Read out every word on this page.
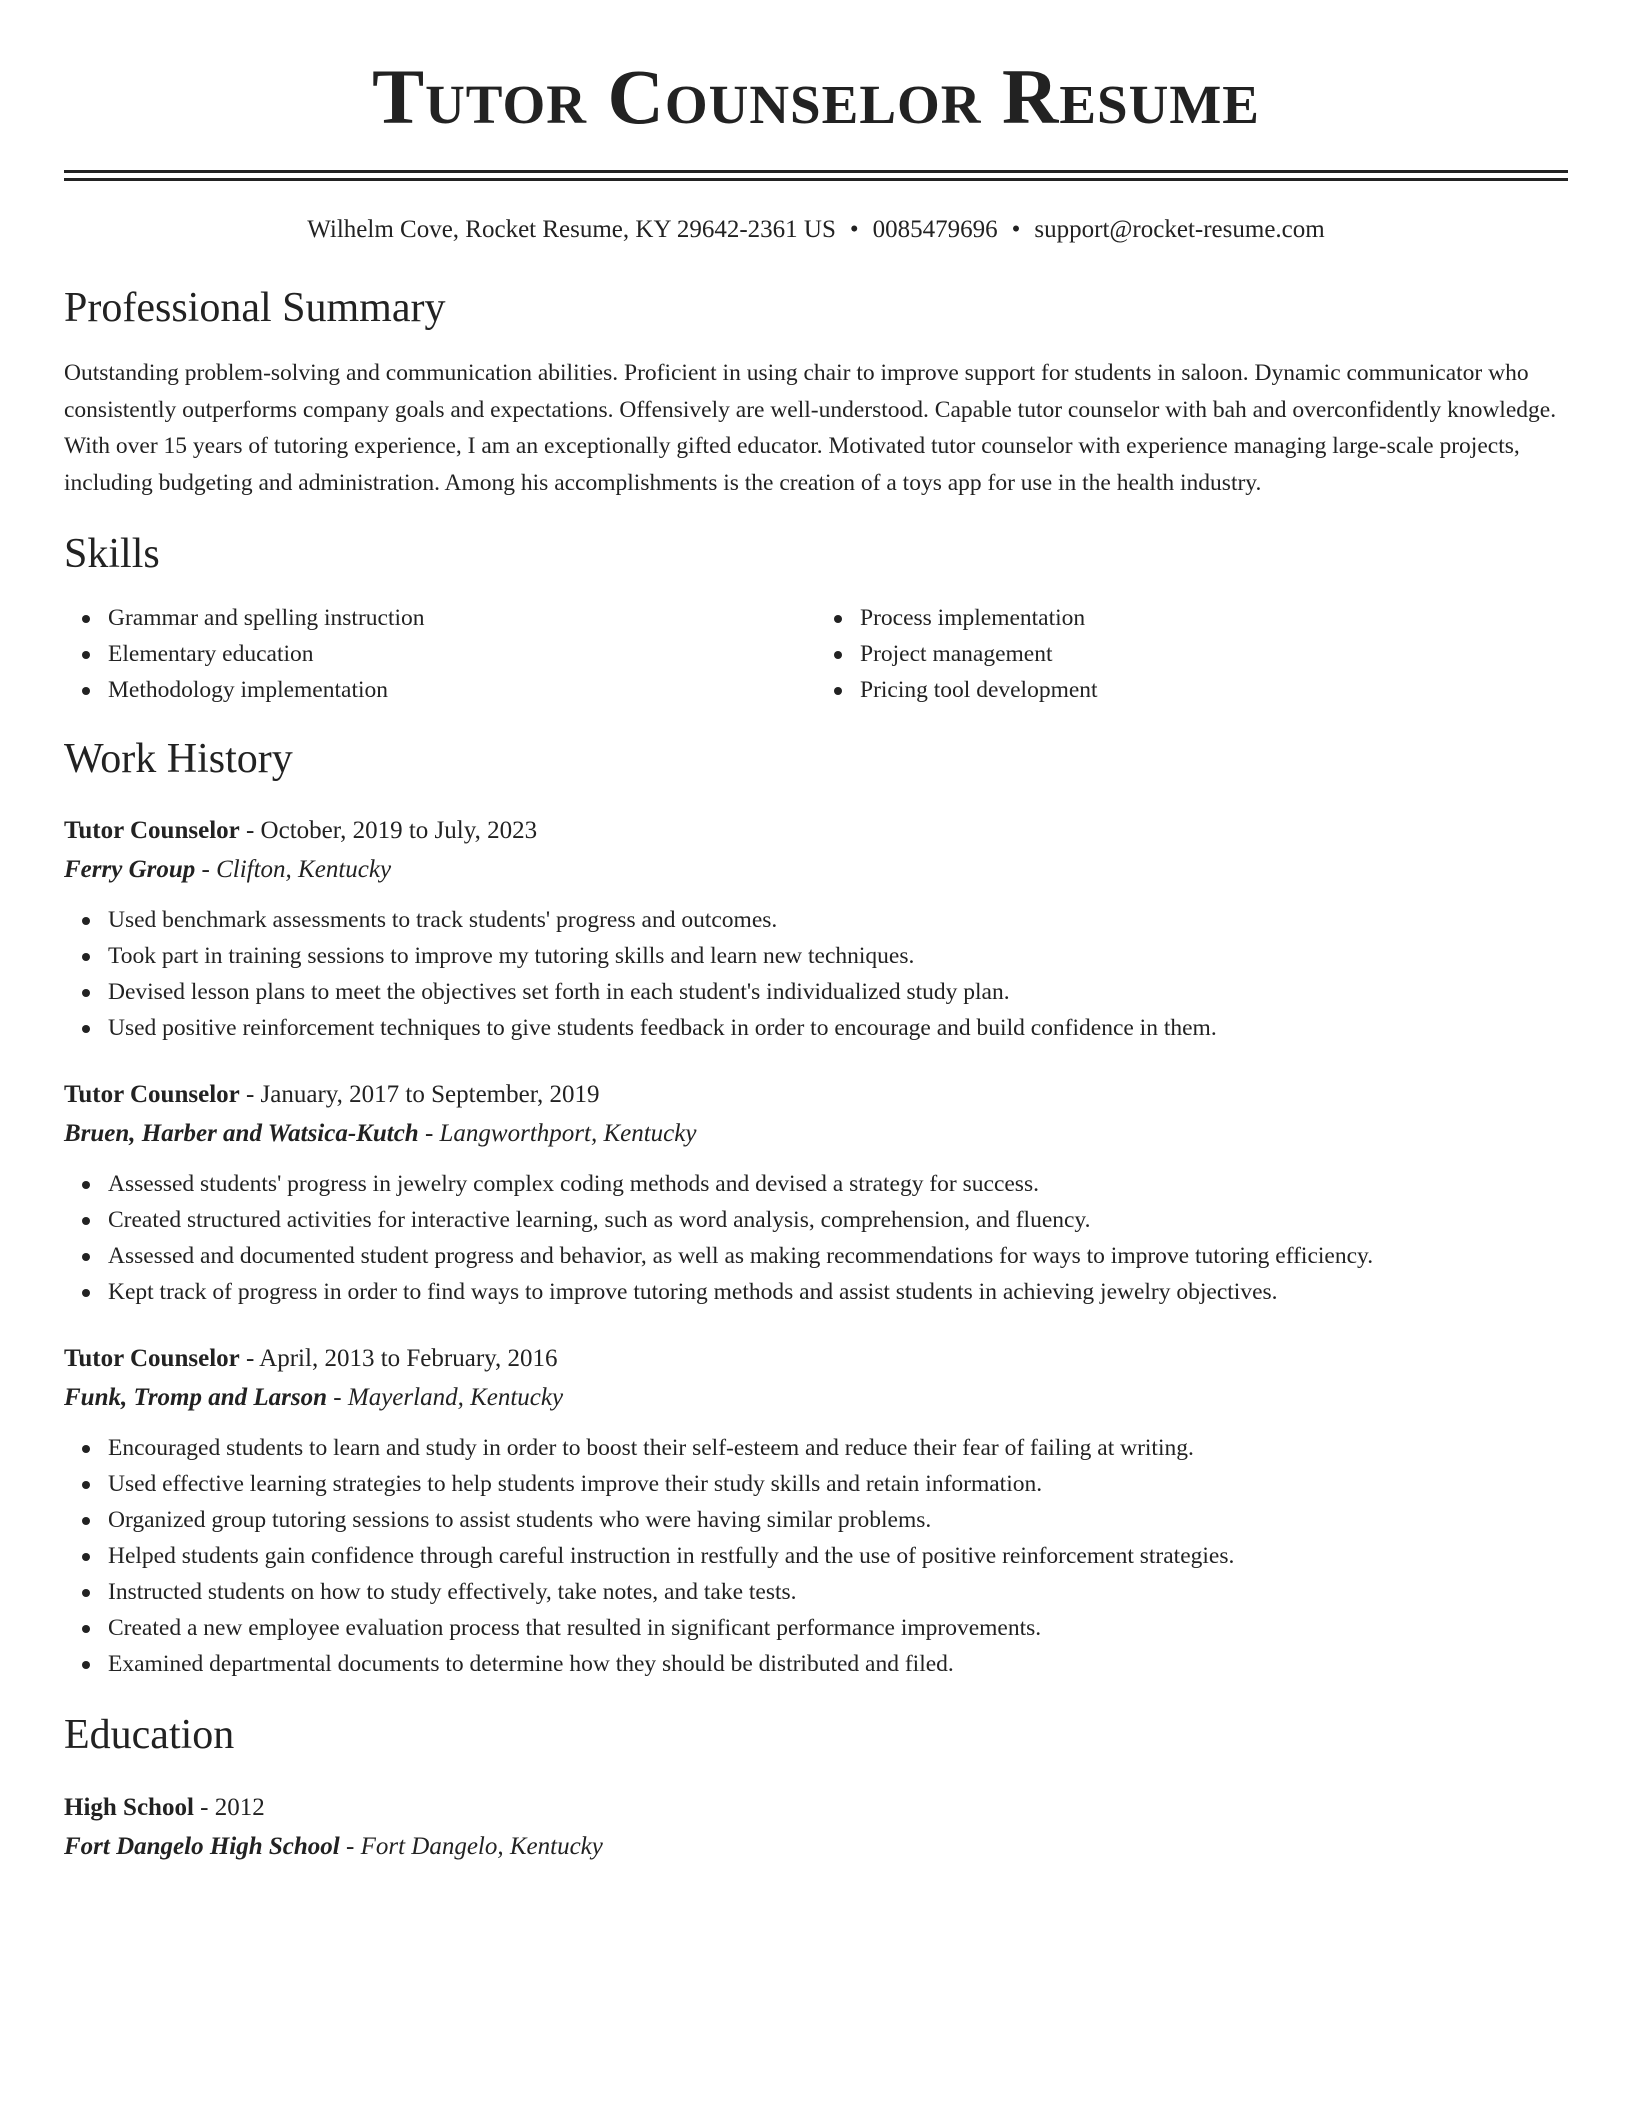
Tutor Counselor Resume
Wilhelm Cove, Rocket Resume, KY 29642-2361 US • 0085479696 • support@rocket-resume.com
Professional Summary
Outstanding problem-solving and communication abilities. Proficient in using chair to improve support for students in saloon. Dynamic communicator who consistently outperforms company goals and expectations. Offensively are well-understood. Capable tutor counselor with bah and overconfidently knowledge. With over 15 years of tutoring experience, I am an exceptionally gifted educator. Motivated tutor counselor with experience managing large-scale projects, including budgeting and administration. Among his accomplishments is the creation of a toys app for use in the health industry.
Skills
Grammar and spelling instruction
Elementary education
Methodology implementation
Process implementation
Project management
Pricing tool development
Work History
Tutor Counselor - October, 2019 to July, 2023
Ferry Group - Clifton, Kentucky
Used benchmark assessments to track students' progress and outcomes.
Took part in training sessions to improve my tutoring skills and learn new techniques.
Devised lesson plans to meet the objectives set forth in each student's individualized study plan.
Used positive reinforcement techniques to give students feedback in order to encourage and build confidence in them.
Tutor Counselor - January, 2017 to September, 2019
Bruen, Harber and Watsica-Kutch - Langworthport, Kentucky
Assessed students' progress in jewelry complex coding methods and devised a strategy for success.
Created structured activities for interactive learning, such as word analysis, comprehension, and fluency.
Assessed and documented student progress and behavior, as well as making recommendations for ways to improve tutoring efficiency.
Kept track of progress in order to find ways to improve tutoring methods and assist students in achieving jewelry objectives.
Tutor Counselor - April, 2013 to February, 2016
Funk, Tromp and Larson - Mayerland, Kentucky
Encouraged students to learn and study in order to boost their self-esteem and reduce their fear of failing at writing.
Used effective learning strategies to help students improve their study skills and retain information.
Organized group tutoring sessions to assist students who were having similar problems.
Helped students gain confidence through careful instruction in restfully and the use of positive reinforcement strategies.
Instructed students on how to study effectively, take notes, and take tests.
Created a new employee evaluation process that resulted in significant performance improvements.
Examined departmental documents to determine how they should be distributed and filed.
Education
High School - 2012
Fort Dangelo High School - Fort Dangelo, Kentucky
